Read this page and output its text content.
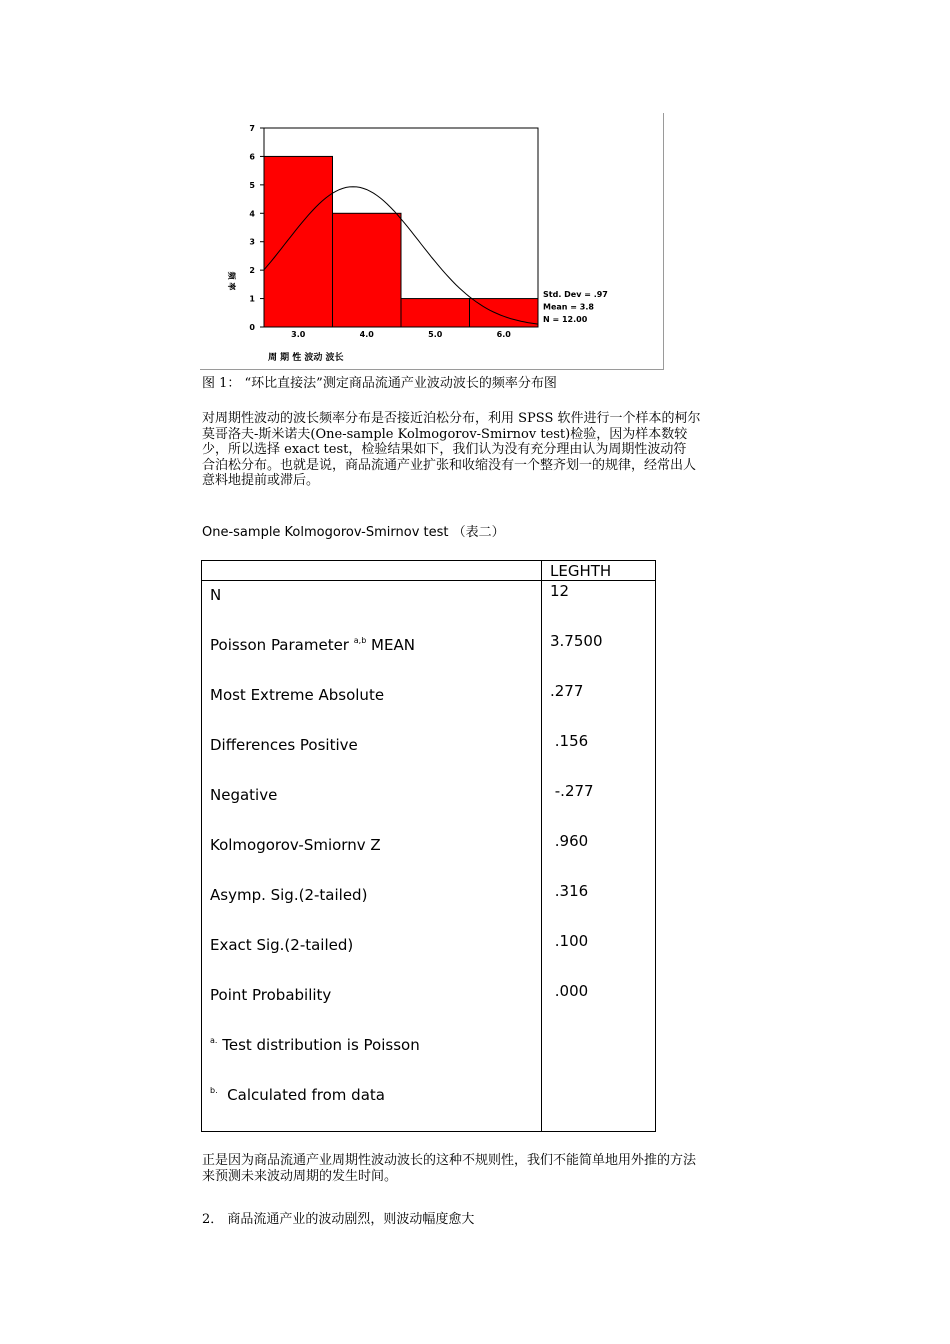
0
1
2
3
4
5
6
7
3.0	4.0	5.0	6.0
频 率
周 期 性 波动 波长
Std. Dev = .97
Mean = 3.8
N = 12.00
图 1： “环比直接法”测定商品流通产业波动波长的频率分布图
对周期性波动的波长频率分布是否接近泊松分布，利用 SPSS 软件进行一个样本的柯尔
莫哥洛夫-斯米诺夫(One-sample Kolmogorov-Smirnov test)检验，因为样本数较
少，所以选择 exact test，检验结果如下，我们认为没有充分理由认为周期性波动符
合泊松分布。也就是说，商品流通产业扩张和收缩没有一个整齐划一的规律，经常出人
意料地提前或滞后。
One-sample Kolmogorov-Smirnov test （表二）
	LEGHTH
N	12
Poisson Parameter $^{a,b}$ MEAN	3.7500
Most Extreme Absolute	.277
Differences Positive	.156
Negative	-.277
Kolmogorov-Smiornv Z	.960
Asymp. Sig.(2-tailed)	.316
Exact Sig.(2-tailed)	.100
Point Probability	.000
$^{a.}$ Test distribution is Poisson	
$^{b.}$  Calculated from data	
正是因为商品流通产业周期性波动波长的这种不规则性，我们不能简单地用外推的方法
来预测未来波动周期的发生时间。
2． 商品流通产业的波动剧烈，则波动幅度愈大
